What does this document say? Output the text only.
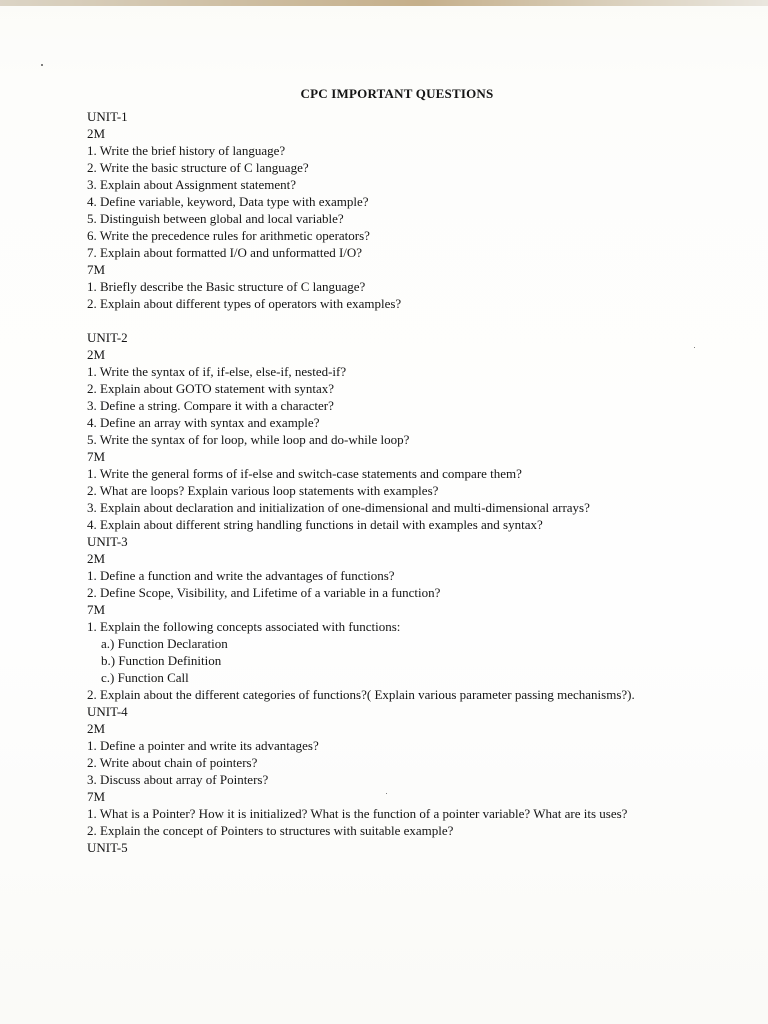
CPC IMPORTANT QUESTIONS
UNIT-1
2M
1. Write the brief history of language?
2. Write the basic structure of C language?
3. Explain about Assignment statement?
4. Define variable, keyword, Data type with example?
5. Distinguish between global and local variable?
6. Write the precedence rules for arithmetic operators?
7. Explain about formatted I/O and unformatted I/O?
7M
1. Briefly describe the Basic structure of C language?
2. Explain about different types of operators with examples?
UNIT-2
2M
1. Write the syntax of if, if-else, else-if, nested-if?
2. Explain about GOTO statement with syntax?
3. Define a string. Compare it with a character?
4. Define an array with syntax and example?
5. Write the syntax of for loop, while loop and do-while loop?
7M
1. Write the general forms of if-else and switch-case statements and compare them?
2. What are loops? Explain various loop statements with examples?
3. Explain about declaration and initialization of one-dimensional and multi-dimensional arrays?
4. Explain about different string handling functions in detail with examples and syntax?
UNIT-3
2M
1. Define a function and write the advantages of functions?
2. Define Scope, Visibility, and Lifetime of a variable in a function?
7M
1. Explain the following concepts associated with functions:
a.) Function Declaration
b.) Function Definition
c.) Function Call
2. Explain about the different categories of functions?( Explain various parameter passing mechanisms?).
UNIT-4
2M
1. Define a pointer and write its advantages?
2. Write about chain of pointers?
3. Discuss about array of Pointers?
7M
1. What is a Pointer? How it is initialized? What is the function of a pointer variable? What are its uses?
2. Explain the concept of Pointers to structures with suitable example?
UNIT-5
